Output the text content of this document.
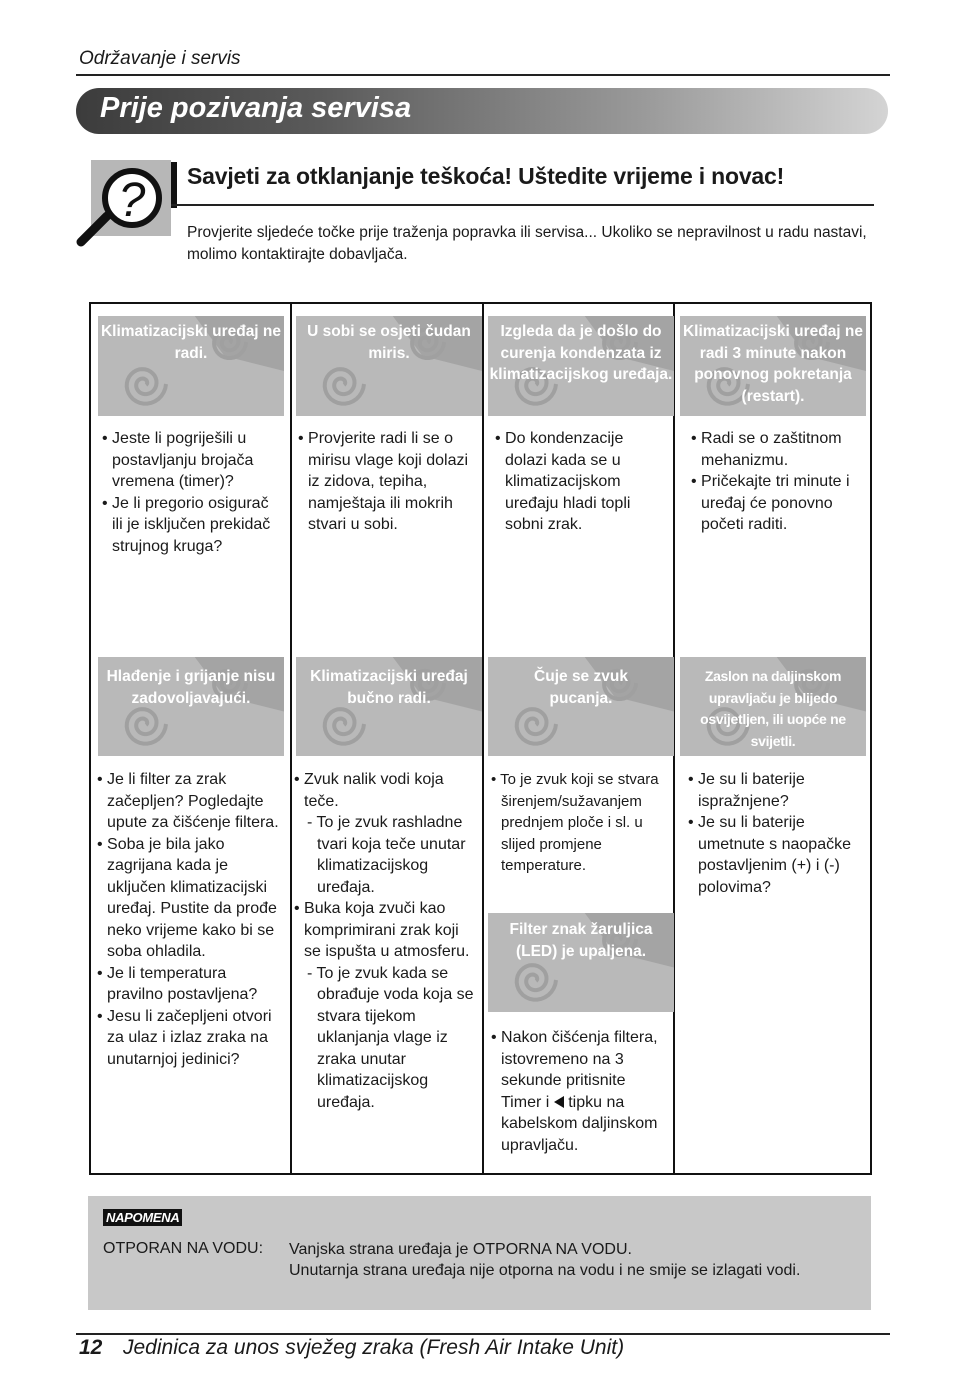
Održavanje i servis
Prije pozivanja servisa
? Savjeti za otklanjanje teškoća! Uštedite vrijeme i novac!
Provjerite sljedeće točke prije traženja popravka ili servisa... Ukoliko se nepravilnost u radu nastavi, molimo kontaktirajte dobavljača.
Klimatizacijski uređaj ne radi.
U sobi se osjeti čudan miris.
Izgleda da je došlo do curenja kondenzata iz klimatizacijskog uređaja.
Klimatizacijski uređaj ne radi 3 minute nakon ponovnog pokretanja (restart).
• Jeste li pogriješili u postavljanju brojača vremena (timer)?
• Je li pregorio osigurač ili je isključen prekidač strujnog kruga?
• Provjerite radi li se o mirisu vlage koji dolazi iz zidova, tepiha, namještaja ili mokrih stvari u sobi.
• Do kondenzacije dolazi kada se u klimatizacijskom uređaju hladi topli sobni zrak.
• Radi se o zaštitnom mehanizmu.
• Pričekajte tri minute i uređaj će ponovno početi raditi.
Hlađenje i grijanje nisu zadovoljavajući.
Klimatizacijski uređaj bučno radi.
Čuje se zvuk pucanja.
Zaslon na daljinskom upravljaču je blijedo osvijetljen, ili uopće ne svijetli.
• Je li filter za zrak začepljen? Pogledajte upute za čišćenje filtera.
• Soba je bila jako zagrijana kada je uključen klimatizacijski uređaj. Pustite da prođe neko vrijeme kako bi se soba ohladila.
• Je li temperatura pravilno postavljena?
• Jesu li začepljeni otvori za ulaz i izlaz zraka na unutarnjoj jedinici?
• Zvuk nalik vodi koja teče.
- To je zvuk rashladne tvari koja teče unutar klimatizacijskog uređaja.
• Buka koja zvuči kao komprimirani zrak koji se ispušta u atmosferu.
- To je zvuk kada se obrađuje voda koja se stvara tijekom uklanjanja vlage iz zraka unutar klimatizacijskog uređaja.
• To je zvuk koji se stvara širenjem/sužavanjem prednjem ploče i sl. u slijed promjene temperature.
Filter znak žaruljica (LED) je upaljena.
• Nakon čišćenja filtera, istovremeno na 3 sekunde pritisnite Timer i tipku na kabelskom daljinskom upravljaču.
• Je su li baterije ispražnjene?
• Je su li baterije umetnute s naopačke postavljenim (+) i (-) polovima?
NAPOMENA
OTPORAN NA VODU: Vanjska strana uređaja je OTPORNA NA VODU.
Unutarnja strana uređaja nije otporna na vodu i ne smije se izlagati vodi.
12 Jedinica za unos svježeg zraka (Fresh Air Intake Unit)
